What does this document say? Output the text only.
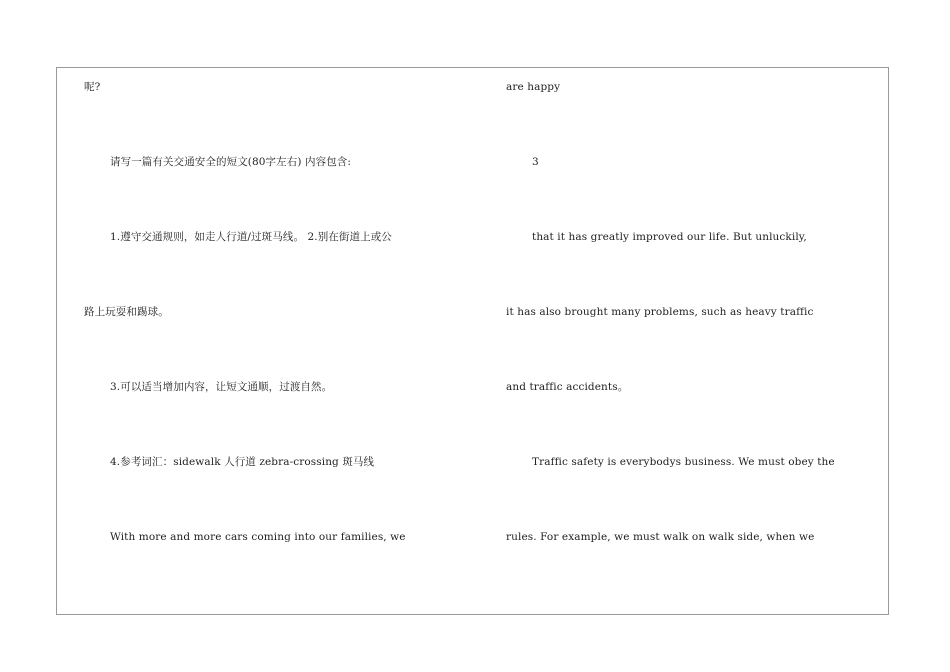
呢?
请写一篇有关交通安全的短文(80字左右) 内容包含:
1.遵守交通规则，如走人行道/过斑马线。 2.别在街道上或公
路上玩耍和踢球。
3.可以适当增加内容，让短文通顺，过渡自然。
4.参考词汇：sidewalk 人行道 zebra-crossing 斑马线
With more and more cars coming into our families, we
are happy
3
that it has greatly improved our life. But unluckily,
it has also brought many problems, such as heavy traffic
and traffic accidents。
Traffic safety is everybodys business. We must obey the
rules. For example, we must walk on walk side, when we
